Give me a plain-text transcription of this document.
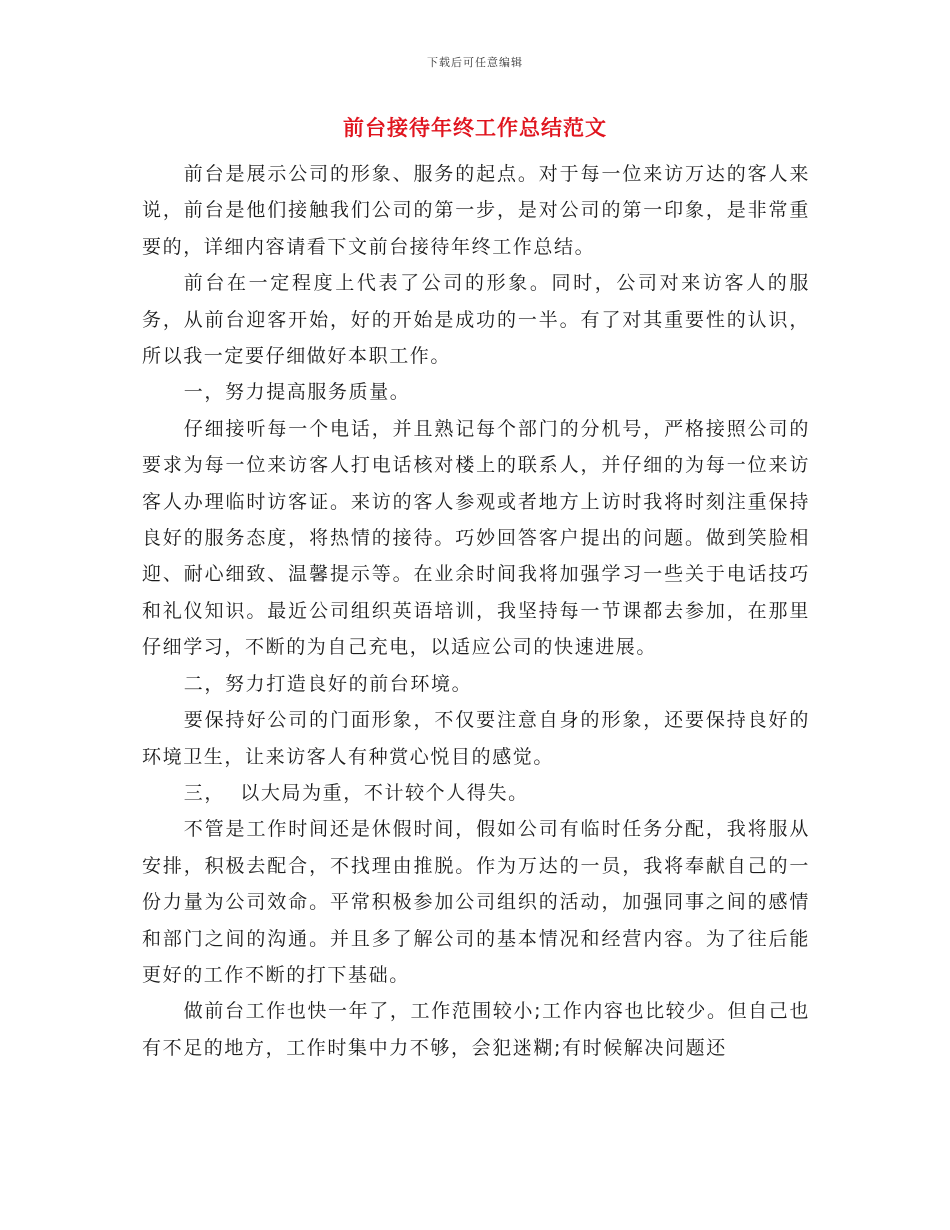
下载后可任意编辑
前台接待年终工作总结范文

前台是展示公司的形象、服务的起点。对于每一位来访万达的客人来说，前台是他们接触我们公司的第一步，是对公司的第一印象，是非常重要的，详细内容请看下文前台接待年终工作总结。

前台在一定程度上代表了公司的形象。同时，公司对来访客人的服务，从前台迎客开始，好的开始是成功的一半。有了对其重要性的认识，所以我一定要仔细做好本职工作。

一，努力提高服务质量。

仔细接听每一个电话，并且熟记每个部门的分机号，严格接照公司的要求为每一位来访客人打电话核对楼上的联系人，并仔细的为每一位来访客人办理临时访客证。来访的客人参观或者地方上访时我将时刻注重保持良好的服务态度，将热情的接待。巧妙回答客户提出的问题。做到笑脸相迎、耐心细致、温馨提示等。在业余时间我将加强学习一些关于电话技巧和礼仪知识。最近公司组织英语培训，我坚持每一节课都去参加，在那里仔细学习，不断的为自己充电，以适应公司的快速进展。

二，努力打造良好的前台环境。

要保持好公司的门面形象，不仅要注意自身的形象，还要保持良好的环境卫生，让来访客人有种赏心悦目的感觉。

三，  以大局为重，不计较个人得失。

不管是工作时间还是休假时间，假如公司有临时任务分配，我将服从安排，积极去配合，不找理由推脱。作为万达的一员，我将奉献自己的一份力量为公司效命。平常积极参加公司组织的活动，加强同事之间的感情和部门之间的沟通。并且多了解公司的基本情况和经营内容。为了往后能更好的工作不断的打下基础。

做前台工作也快一年了，工作范围较小;工作内容也比较少。但自己也有不足的地方，工作时集中力不够，会犯迷糊;有时候解决问题还
